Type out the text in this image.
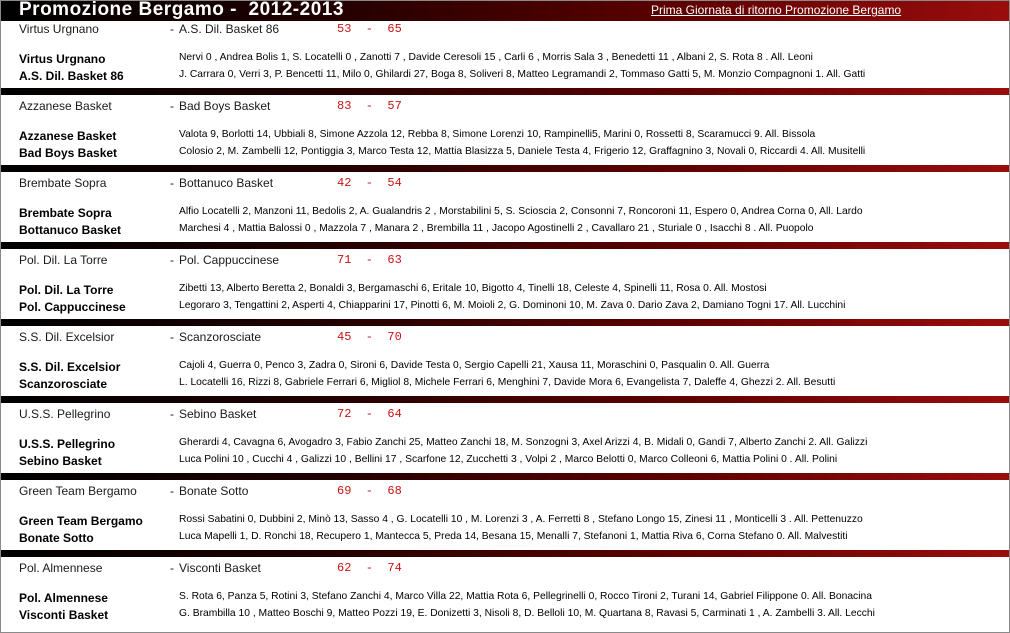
Promozione Bergamo -  2012-2013	Prima Giornata di ritorno Promozione Bergamo
Virtus Urgnano	- A.S. Dil. Basket 86	53  -  65
Virtus Urgnano	Nervi 0 , Andrea Bolis 1, S. Locatelli 0 , Zanotti 7 , Davide Ceresoli 15 , Carli 6 , Morris Sala 3 , Benedetti 11 , Albani 2, S. Rota 8 . All. Leoni
A.S. Dil. Basket 86	J. Carrara 0, Verri 3, P. Bencetti 11, Milo 0, Ghilardi 27, Boga 8, Soliveri 8, Matteo Legramandi 2, Tommaso Gatti 5, M. Monzio Compagnoni 1. All. Gatti
Azzanese Basket	- Bad Boys Basket	83  -  57
Azzanese Basket	Valota 9, Borlotti 14, Ubbiali 8, Simone Azzola 12, Rebba 8, Simone Lorenzi 10, Rampinelli5, Marini 0, Rossetti 8, Scaramucci 9. All. Bissola
Bad Boys Basket	Colosio 2, M. Zambelli 12, Pontiggia 3, Marco Testa 12, Mattia Blasizza 5, Daniele Testa 4, Frigerio 12, Graffagnino 3, Novali 0, Riccardi 4. All. Musitelli
Brembate Sopra	- Bottanuco Basket	42  -  54
Brembate Sopra	Alfio Locatelli 2, Manzoni 11, Bedolis 2, A. Gualandris 2 , Morstabilini 5, S. Scioscia 2, Consonni 7, Roncoroni 11, Espero 0, Andrea Corna 0, All. Lardo
Bottanuco Basket	Marchesi 4 , Mattia Balossi 0 , Mazzola 7 , Manara 2 , Brembilla 11 , Jacopo Agostinelli 2 , Cavallaro 21 , Sturiale 0 , Isacchi 8 . All. Puopolo
Pol. Dil. La Torre	- Pol. Cappuccinese	71  -  63
Pol. Dil. La Torre	Zibetti 13, Alberto Beretta 2, Bonaldi 3, Bergamaschi 6, Eritale 10, Bigotto 4, Tinelli 18, Celeste 4, Spinelli 11, Rosa 0. All. Mostosi
Pol. Cappuccinese	Legoraro 3, Tengattini 2, Asperti 4, Chiapparini 17, Pinotti 6, M. Moioli 2, G. Dominoni 10, M. Zava 0. Dario Zava 2, Damiano Togni 17. All. Lucchini
S.S. Dil. Excelsior	- Scanzorosciate	45  -  70
S.S. Dil. Excelsior	Cajoli 4, Guerra 0, Penco 3, Zadra 0, Sironi 6, Davide Testa 0, Sergio Capelli 21, Xausa 11, Moraschini 0, Pasqualin 0. All. Guerra
Scanzorosciate	L. Locatelli 16, Rizzi 8, Gabriele Ferrari 6, Migliol 8, Michele Ferrari 6, Menghini 7, Davide Mora 6, Evangelista 7, Daleffe 4, Ghezzi 2. All. Besutti
U.S.S. Pellegrino	- Sebino Basket	72  -  64
U.S.S. Pellegrino	Gherardi 4, Cavagna 6, Avogadro 3, Fabio Zanchi 25, Matteo Zanchi 18, M. Sonzogni 3, Axel Arizzi 4, B. Midali 0, Gandi 7, Alberto Zanchi 2. All. Galizzi
Sebino Basket	Luca Polini 10 , Cucchi 4 , Galizzi 10 , Bellini 17 , Scarfone 12, Zucchetti 3 , Volpi 2 , Marco Belotti 0, Marco Colleoni 6, Mattia Polini 0 . All. Polini
Green Team Bergamo	- Bonate Sotto	69  -  68
Green Team Bergamo	Rossi Sabatini 0, Dubbini 2, Minò 13, Sasso 4 , G. Locatelli 10 , M. Lorenzi 3 , A. Ferretti 8 , Stefano Longo 15, Zinesi 11 , Monticelli 3 . All. Pettenuzzo
Bonate Sotto	Luca Mapelli 1, D. Ronchi 18, Recupero 1, Mantecca 5, Preda 14, Besana 15, Menalli 7, Stefanoni 1, Mattia Riva 6, Corna Stefano 0. All. Malvestiti
Pol. Almennese	- Visconti Basket	62  -  74
Pol. Almennese	S. Rota 6, Panza 5, Rotini 3, Stefano Zanchi 4, Marco Villa 22, Mattia Rota 6, Pellegrinelli 0, Rocco Tironi 2, Turani 14, Gabriel Filippone 0. All. Bonacina
Visconti Basket	G. Brambilla 10 , Matteo Boschi 9, Matteo Pozzi 19, E. Donizetti 3, Nisoli 8, D. Belloli 10, M. Quartana 8, Ravasi 5, Carminati 1 , A. Zambelli 3. All. Lecchi
